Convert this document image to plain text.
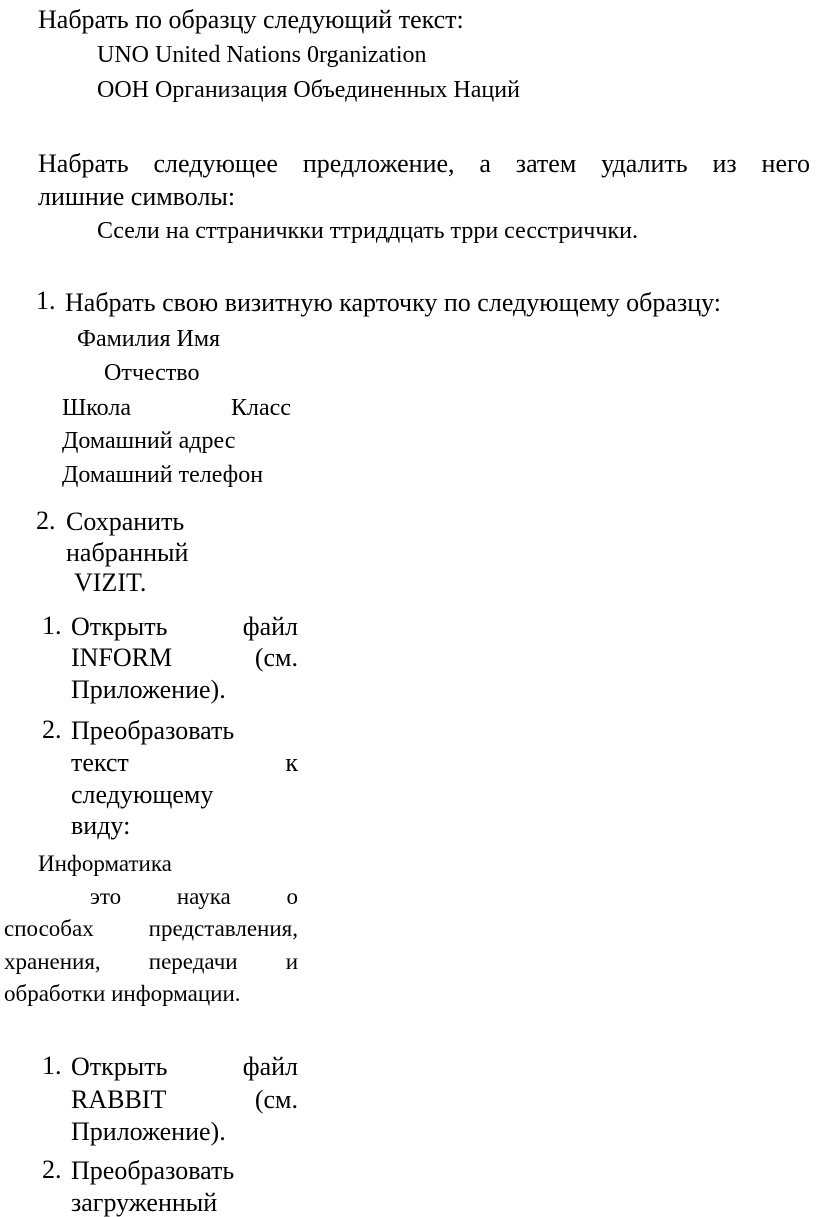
Набрать по образцу следующий текст:
UNO United Nations 0rganization
ООН Организация Объединенных Наций
Набрать следующее предложение, а затем удалить из него
лишние символы:
Ссели на сттраничкки ттриддцать трри сесстриччки.
1. Набрать свою визитную карточку по следующему образцу:
Фамилия Имя
Отчество
Школа	Класс
Домашний адрес
Домашний телефон
2. Сохранить
набранный
VIZIT.
1. Открыть	файл
INFORM	(см.
Приложение).
2. Преобразовать
текст	к
следующему
виду:
Информатика
это наука о
способах представления,
хранения, передачи и
обработки информации.
1. Открыть	файл
RABBIT	(см.
Приложение).
2. Преобразовать
загруженный
